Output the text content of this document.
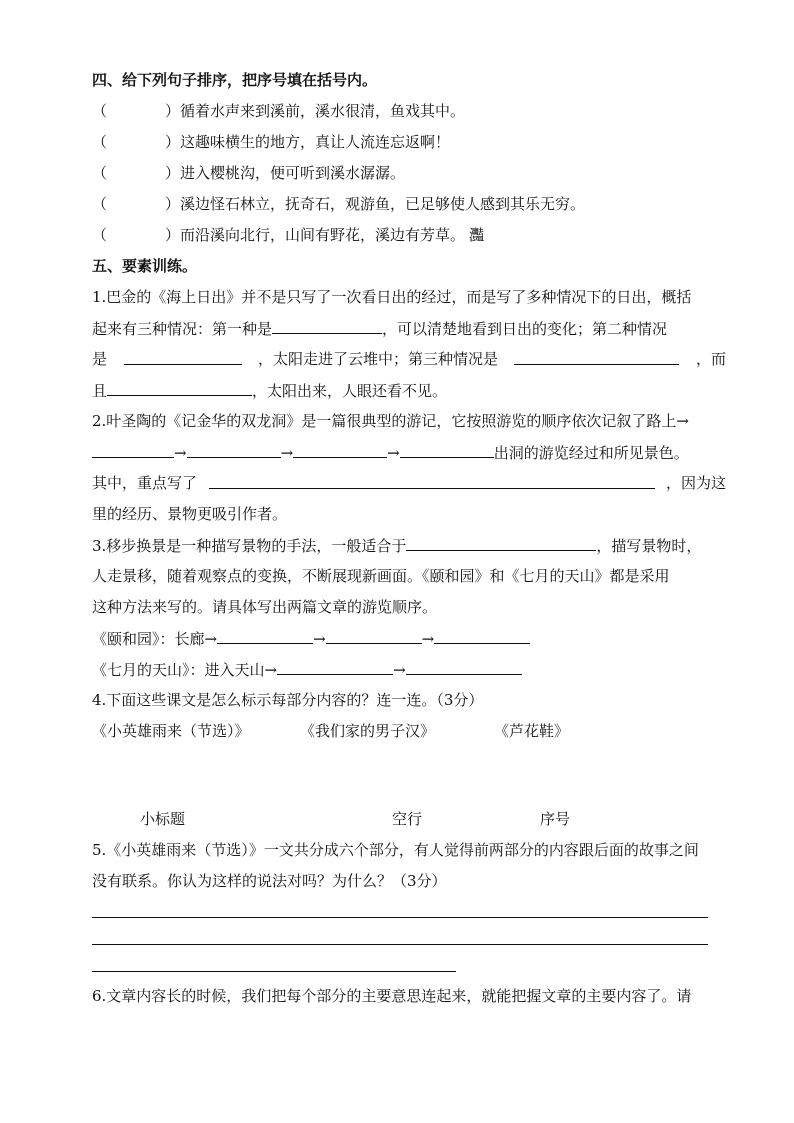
四、给下列句子排序，把序号填在括号内。
（	）循着水声来到溪前，溪水很清，鱼戏其中。
（	）这趣味横生的地方，真让人流连忘返啊！
（	）进入樱桃沟，便可听到溪水潺潺。
（	）溪边怪石林立，抚奇石，观游鱼，已足够使人感到其乐无穷。
（	）而沿溪向北行，山间有野花，溪边有芳草。 灩
五、要素训练。
1.巴金的《海上日出》并不是只写了一次看日出的经过，而是写了多种情况下的日出，概括
起来有三种情况：第一种是	，可以清楚地看到日出的变化；第二种情况
是	，太阳走进了云堆中；第三种情况是	，而
且	，太阳出来，人眼还看不见。
2.叶圣陶的《记金华的双龙洞》是一篇很典型的游记，它按照游览的顺序依次记叙了路上→
→	→	→	出洞的游览经过和所见景色。
其中，重点写了	，因为这
里的经历、景物更吸引作者。
3.移步换景是一种描写景物的手法，一般适合于	，描写景物时，
人走景移，随着观察点的变换，不断展现新画面。《颐和园》和《七月的天山》都是采用
这种方法来写的。请具体写出两篇文章的游览顺序。
《颐和园》：长廊→	→	→
《七月的天山》：进入天山→	→
4.下面这些课文是怎么标示每部分内容的？连一连。（3分）
《小英雄雨来（节选）》	《我们家的男子汉》	《芦花鞋》
小标题	空行	序号
5.《小英雄雨来（节选）》一文共分成六个部分，有人觉得前两部分的内容跟后面的故事之间
没有联系。你认为这样的说法对吗？为什么？（3分）
6.文章内容长的时候，我们把每个部分的主要意思连起来，就能把握文章的主要内容了。请
